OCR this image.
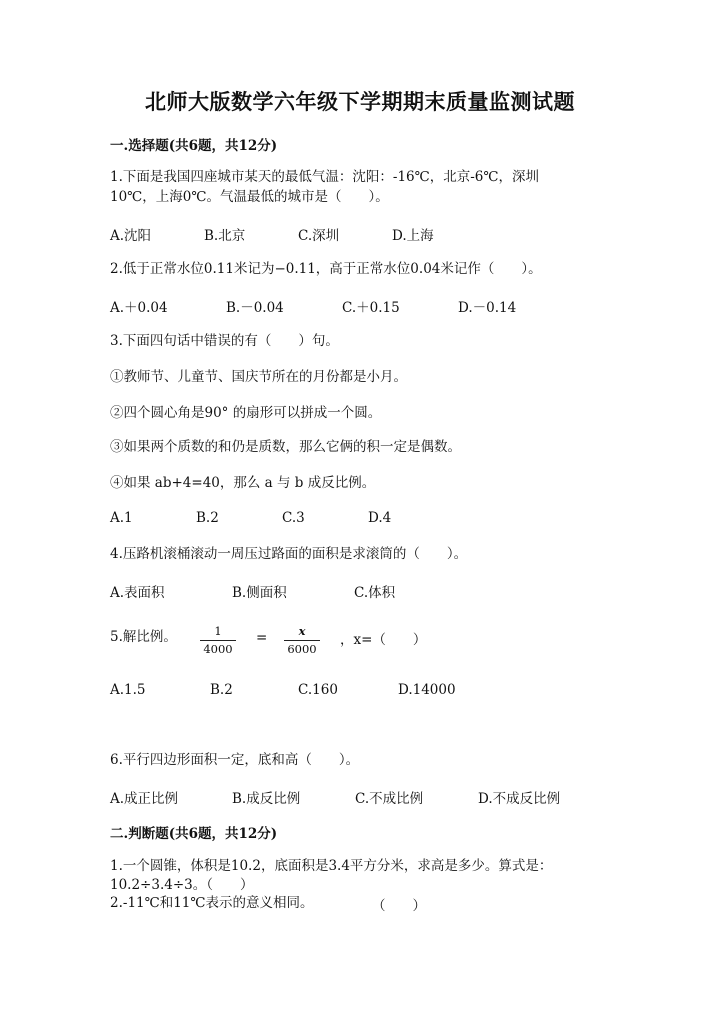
北师大版数学六年级下学期期末质量监测试题
一.选择题(共6题，共12分)
1.下面是我国四座城市某天的最低气温：沈阳：-16℃，北京-6℃，深圳
10℃，上海0℃。气温最低的城市是（　　）。
A.沈阳	B.北京	C.深圳	D.上海
2.低于正常水位0.11米记为−0.11，高于正常水位0.04米记作（　　）。
A.＋0.04	B.－0.04	C.＋0.15	D.－0.14
3.下面四句话中错误的有（　　）句。
①教师节、儿童节、国庆节所在的月份都是小月。
②四个圆心角是90° 的扇形可以拼成一个圆。
③如果两个质数的和仍是质数，那么它俩的积一定是偶数。
④如果 ab+4=40，那么 a 与 b 成反比例。
A.1	B.2	C.3	D.4
4.压路机滚桶滚动一周压过路面的面积是求滚筒的（　　）。
A.表面积	B.侧面积	C.体积
5.解比例。	1
4000
=	x
6000
，x=（　　）
A.1.5	B.2	C.160	D.14000
6.平行四边形面积一定，底和高（　　）。
A.成正比例	B.成反比例	C.不成比例	D.不成反比例
二.判断题(共6题，共12分)
1.一个圆锥，体积是10.2，底面积是3.4平方分米，求高是多少。算式是：
10.2÷3.4÷3。（　　）
2.-11℃和11℃表示的意义相同。	（　　）
